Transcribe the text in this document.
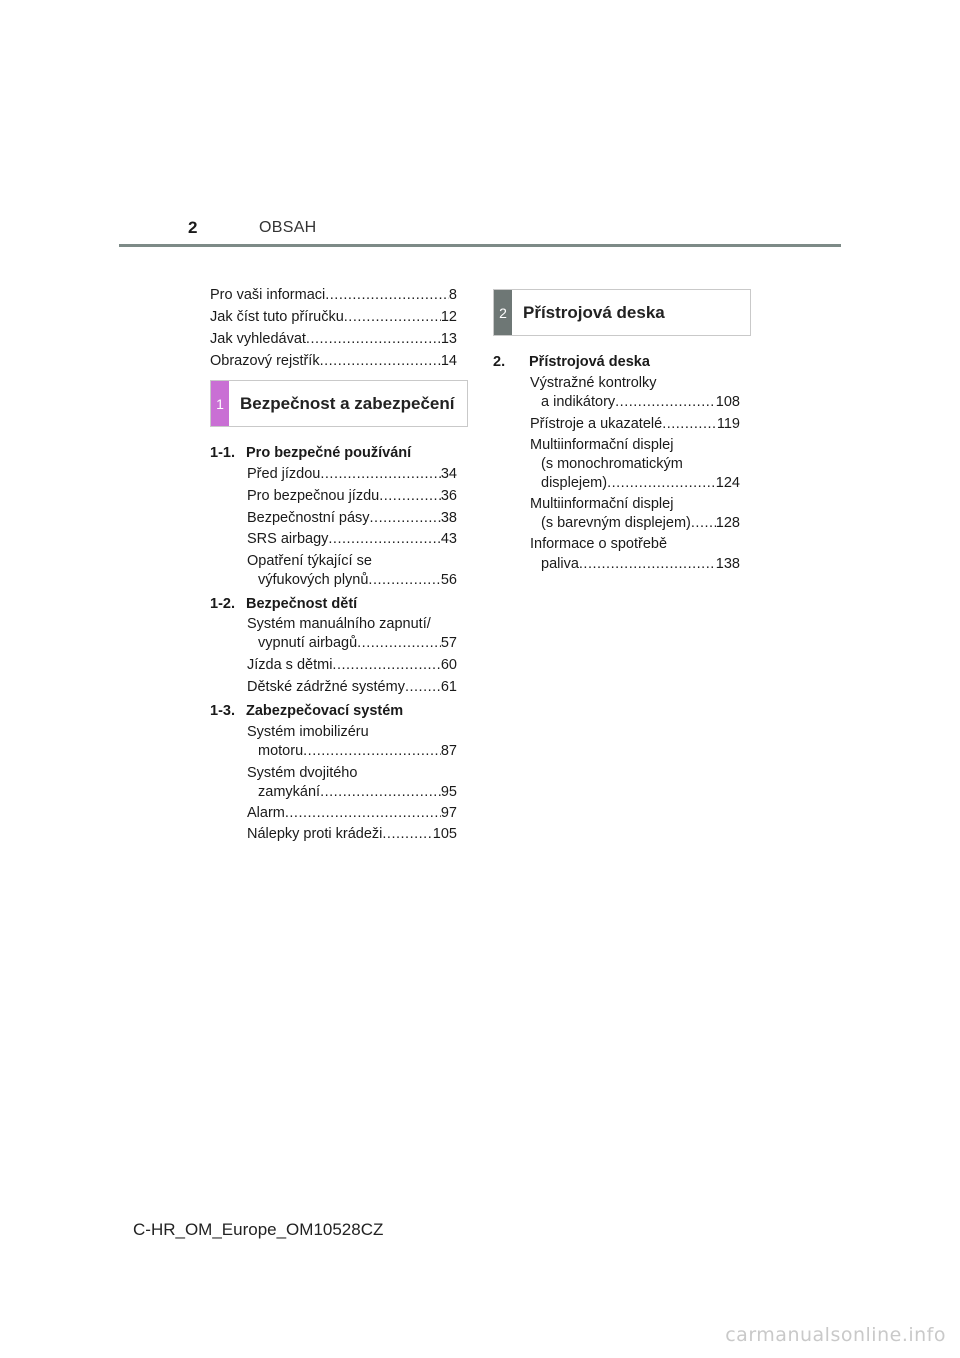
2	OBSAH
Pro vaši informaci .....	8
Jak číst tuto příručku .....	12
Jak vyhledávat .....	13
Obrazový rejstřík .....	14
1 Bezpečnost a zabezpečení
1-1. Pro bezpečné používání
Před jízdou .....	34
Pro bezpečnou jízdu .....	36
Bezpečnostní pásy .....	38
SRS airbagy .....	43
Opatření týkající se
výfukových plynů .....	56
1-2. Bezpečnost dětí
Systém manuálního zapnutí/
vypnutí airbagů .....	57
Jízda s dětmi .....	60
Dětské zádržné systémy ..... 61
1-3. Zabezpečovací systém
Systém imobilizéru
motoru .....	87
Systém dvojitého
zamykání .....	95
Alarm .....	97
Nálepky proti krádeži .....	105
2 Přístrojová deska
2. Přístrojová deska
Výstražné kontrolky
a indikátory .....	108
Přístroje a ukazatelé .....	119
Multiinformační displej
(s monochromatickým
displejem) .....	124
Multiinformační displej
(s barevným displejem) ..... 128
Informace o spotřebě
paliva .....	138
C-HR_OM_Europe_OM10528CZ
carmanualsonline.info
